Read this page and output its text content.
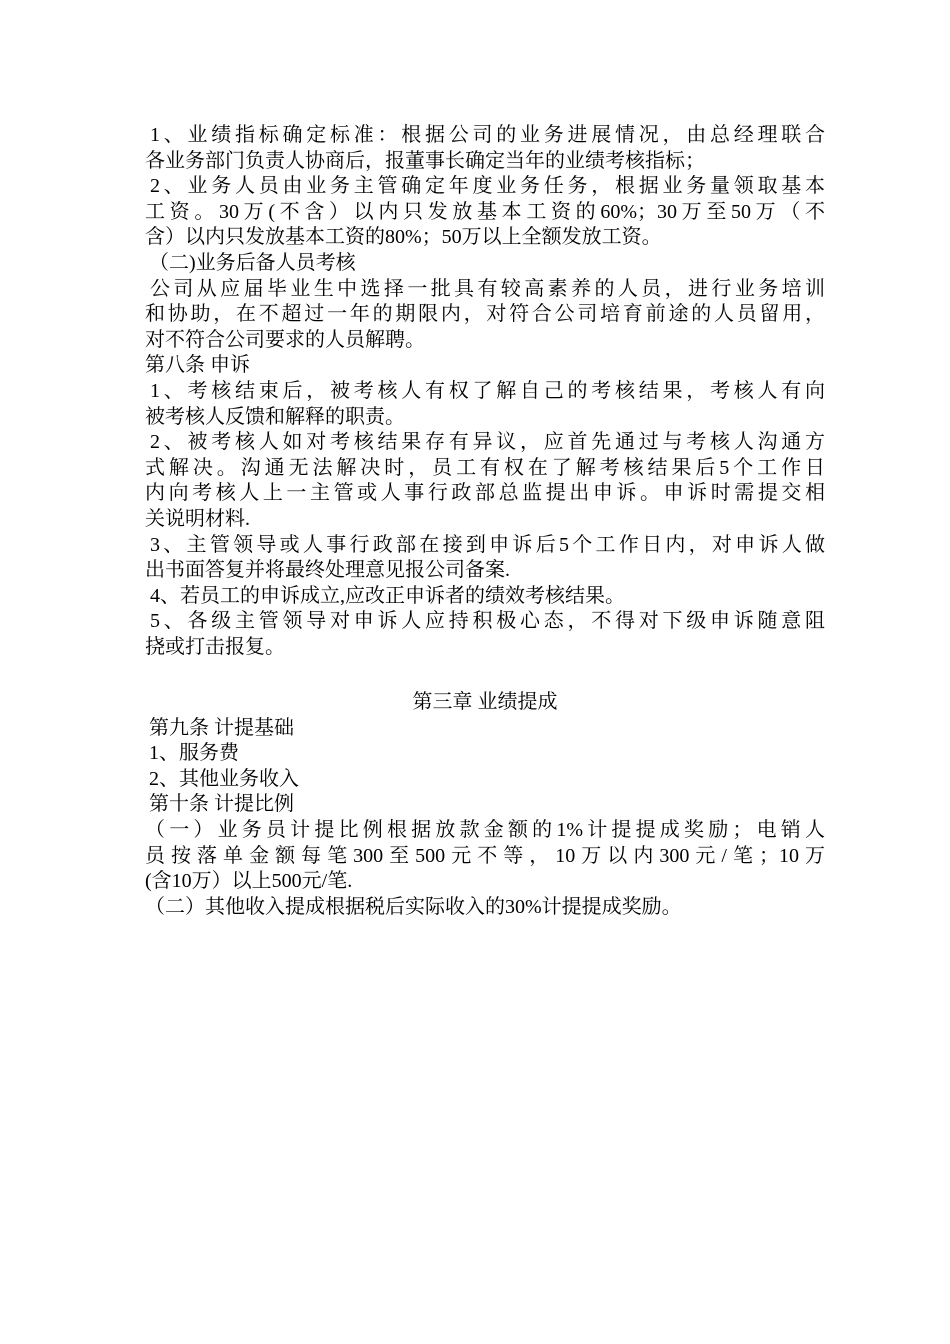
1、业绩指标确定标准：根据公司的业务进展情况，由总经理联合
各业务部门负责人协商后，报董事长确定当年的业绩考核指标；
2、业务人员由业务主管确定年度业务任务，根据业务量领取基本
工资。30万(不含）以内只发放基本工资的60%；30万至50万（不
含）以内只发放基本工资的80%；50万以上全额发放工资。
（二)业务后备人员考核
公司从应届毕业生中选择一批具有较高素养的人员，进行业务培训
和协助，在不超过一年的期限内，对符合公司培育前途的人员留用，
对不符合公司要求的人员解聘。
第八条 申诉
1、考核结束后，被考核人有权了解自己的考核结果，考核人有向
被考核人反馈和解释的职责。
2、被考核人如对考核结果存有异议，应首先通过与考核人沟通方
式解决。沟通无法解决时，员工有权在了解考核结果后5个工作日
内向考核人上一主管或人事行政部总监提出申诉。申诉时需提交相
关说明材料.
3、主管领导或人事行政部在接到申诉后5个工作日内，对申诉人做
出书面答复并将最终处理意见报公司备案.
4、若员工的申诉成立,应改正申诉者的绩效考核结果。
5、各级主管领导对申诉人应持积极心态，不得对下级申诉随意阻
挠或打击报复。
第三章 业绩提成
第九条 计提基础
1、服务费
2、其他业务收入
第十条 计提比例
（一）业务员计提比例根据放款金额的1%计提提成奖励；电销人
员按落单金额每笔300至500元不等，10万以内300元/笔；10万
(含10万）以上500元/笔.
（二）其他收入提成根据税后实际收入的30%计提提成奖励。
